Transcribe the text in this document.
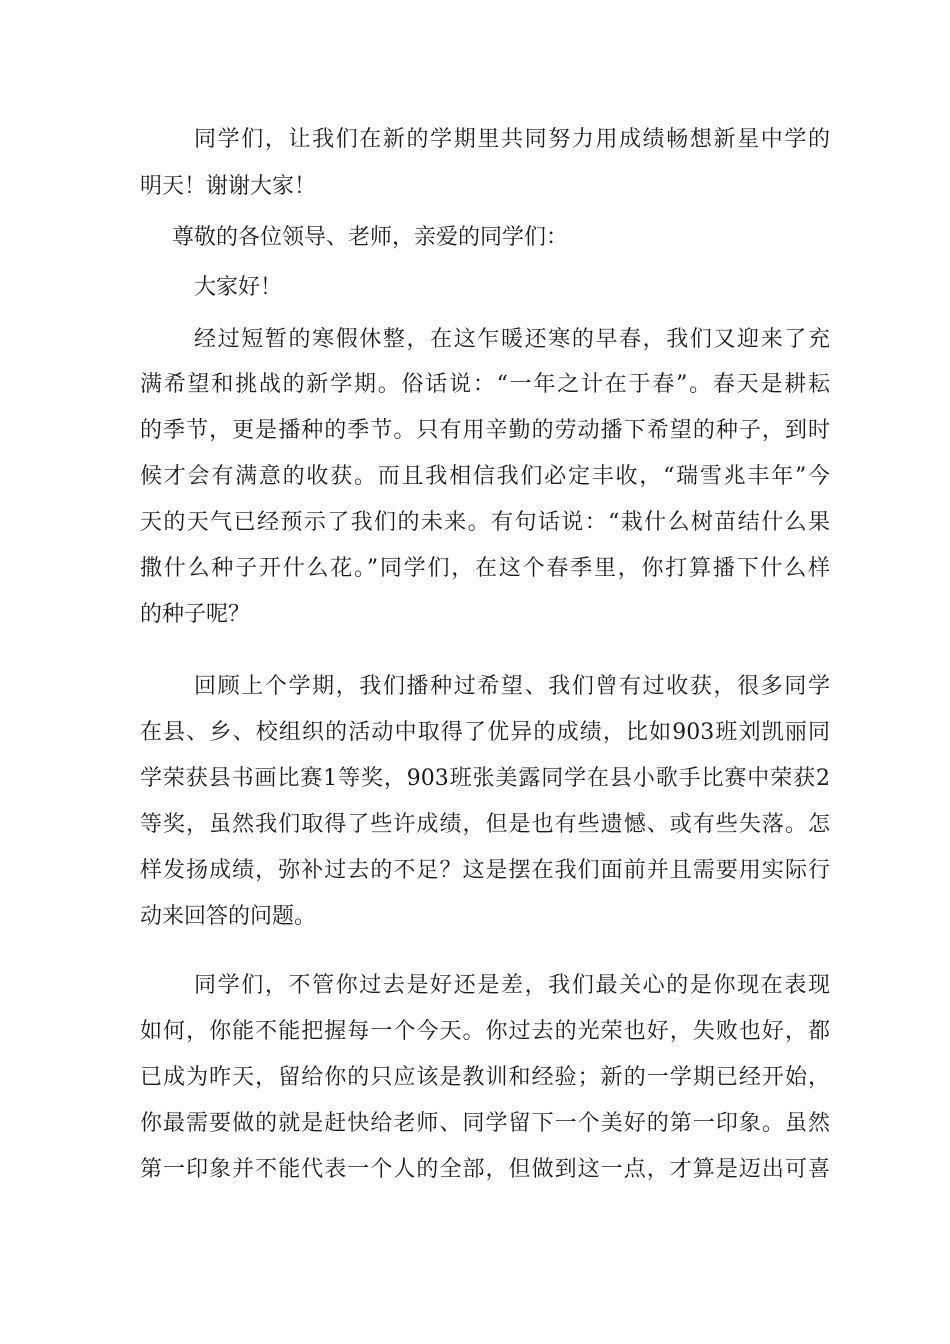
同学们，让我们在新的学期里共同努力用成绩畅想新星中学的
明天！谢谢大家！
尊敬的各位领导、老师，亲爱的同学们：
大家好！
经过短暂的寒假休整，在这乍暖还寒的早春，我们又迎来了充
满希望和挑战的新学期。俗话说：“一年之计在于春”。春天是耕耘
的季节，更是播种的季节。只有用辛勤的劳动播下希望的种子，到时
候才会有满意的收获。而且我相信我们必定丰收，“瑞雪兆丰年”今
天的天气已经预示了我们的未来。有句话说：“栽什么树苗结什么果
撒什么种子开什么花。”同学们，在这个春季里，你打算播下什么样
的种子呢？
回顾上个学期，我们播种过希望、我们曾有过收获，很多同学
在县、乡、校组织的活动中取得了优异的成绩，比如903班刘凯丽同
学荣获县书画比赛1等奖，903班张美露同学在县小歌手比赛中荣获2
等奖，虽然我们取得了些许成绩，但是也有些遗憾、或有些失落。怎
样发扬成绩，弥补过去的不足？这是摆在我们面前并且需要用实际行
动来回答的问题。
同学们，不管你过去是好还是差，我们最关心的是你现在表现
如何，你能不能把握每一个今天。你过去的光荣也好，失败也好，都
已成为昨天，留给你的只应该是教训和经验；新的一学期已经开始，
你最需要做的就是赶快给老师、同学留下一个美好的第一印象。虽然
第一印象并不能代表一个人的全部，但做到这一点，才算是迈出可喜
